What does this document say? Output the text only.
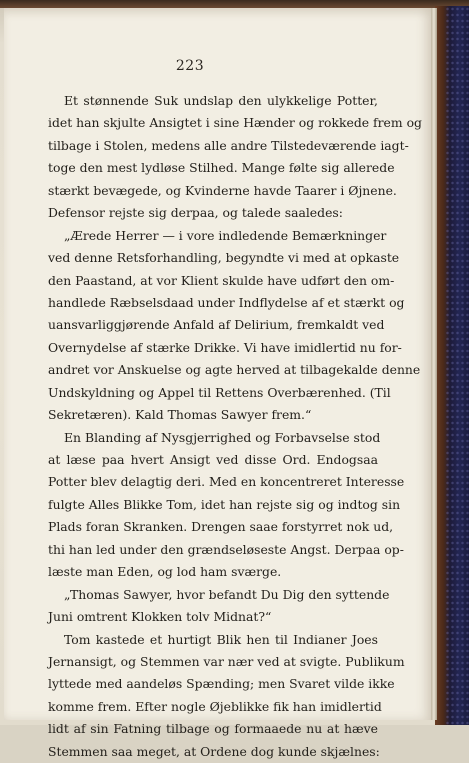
223
Et stønnende Suk undslap den ulykkelige Potter,
idet han skjulte Ansigtet i sine Hænder og rokkede frem og
tilbage i Stolen, medens alle andre Tilstedeværende iagt-
toge den mest lydløse Stilhed. Mange følte sig allerede
stærkt bevægede, og Kvinderne havde Taarer i Øjnene.
Defensor rejste sig derpaa, og talede saaledes:
„Ærede Herrer — i vore indledende Bemærkninger
ved denne Retsforhandling, begyndte vi med at opkaste
den Paastand, at vor Klient skulde have udført den om-
handlede Ræbselsdaad under Indflydelse af et stærkt og
uansvarliggjørende Anfald af Delirium, fremkaldt ved
Overnydelse af stærke Drikke. Vi have imidlertid nu for-
andret vor Anskuelse og agte herved at tilbagekalde denne
Undskyldning og Appel til Rettens Overbærenhed. (Til
Sekretæren). Kald Thomas Sawyer frem.“
En Blanding af Nysgjerrighed og Forbavselse stod
at læse paa hvert Ansigt ved disse Ord. Endogsaa
Potter blev delagtig deri. Med en koncentreret Interesse
fulgte Alles Blikke Tom, idet han rejste sig og indtog sin
Plads foran Skranken. Drengen saae forstyrret nok ud,
thi han led under den grændseløseste Angst. Derpaa op-
læste man Eden, og lod ham sværge.
„Thomas Sawyer, hvor befandt Du Dig den syttende
Juni omtrent Klokken tolv Midnat?“
Tom kastede et hurtigt Blik hen til Indianer Joes
Jernansigt, og Stemmen var nær ved at svigte. Publikum
lyttede med aandeløs Spænding; men Svaret vilde ikke
komme frem. Efter nogle Øjeblikke fik han imidlertid
lidt af sin Fatning tilbage og formaaede nu at hæve
Stemmen saa meget, at Ordene dog kunde skjælnes:
